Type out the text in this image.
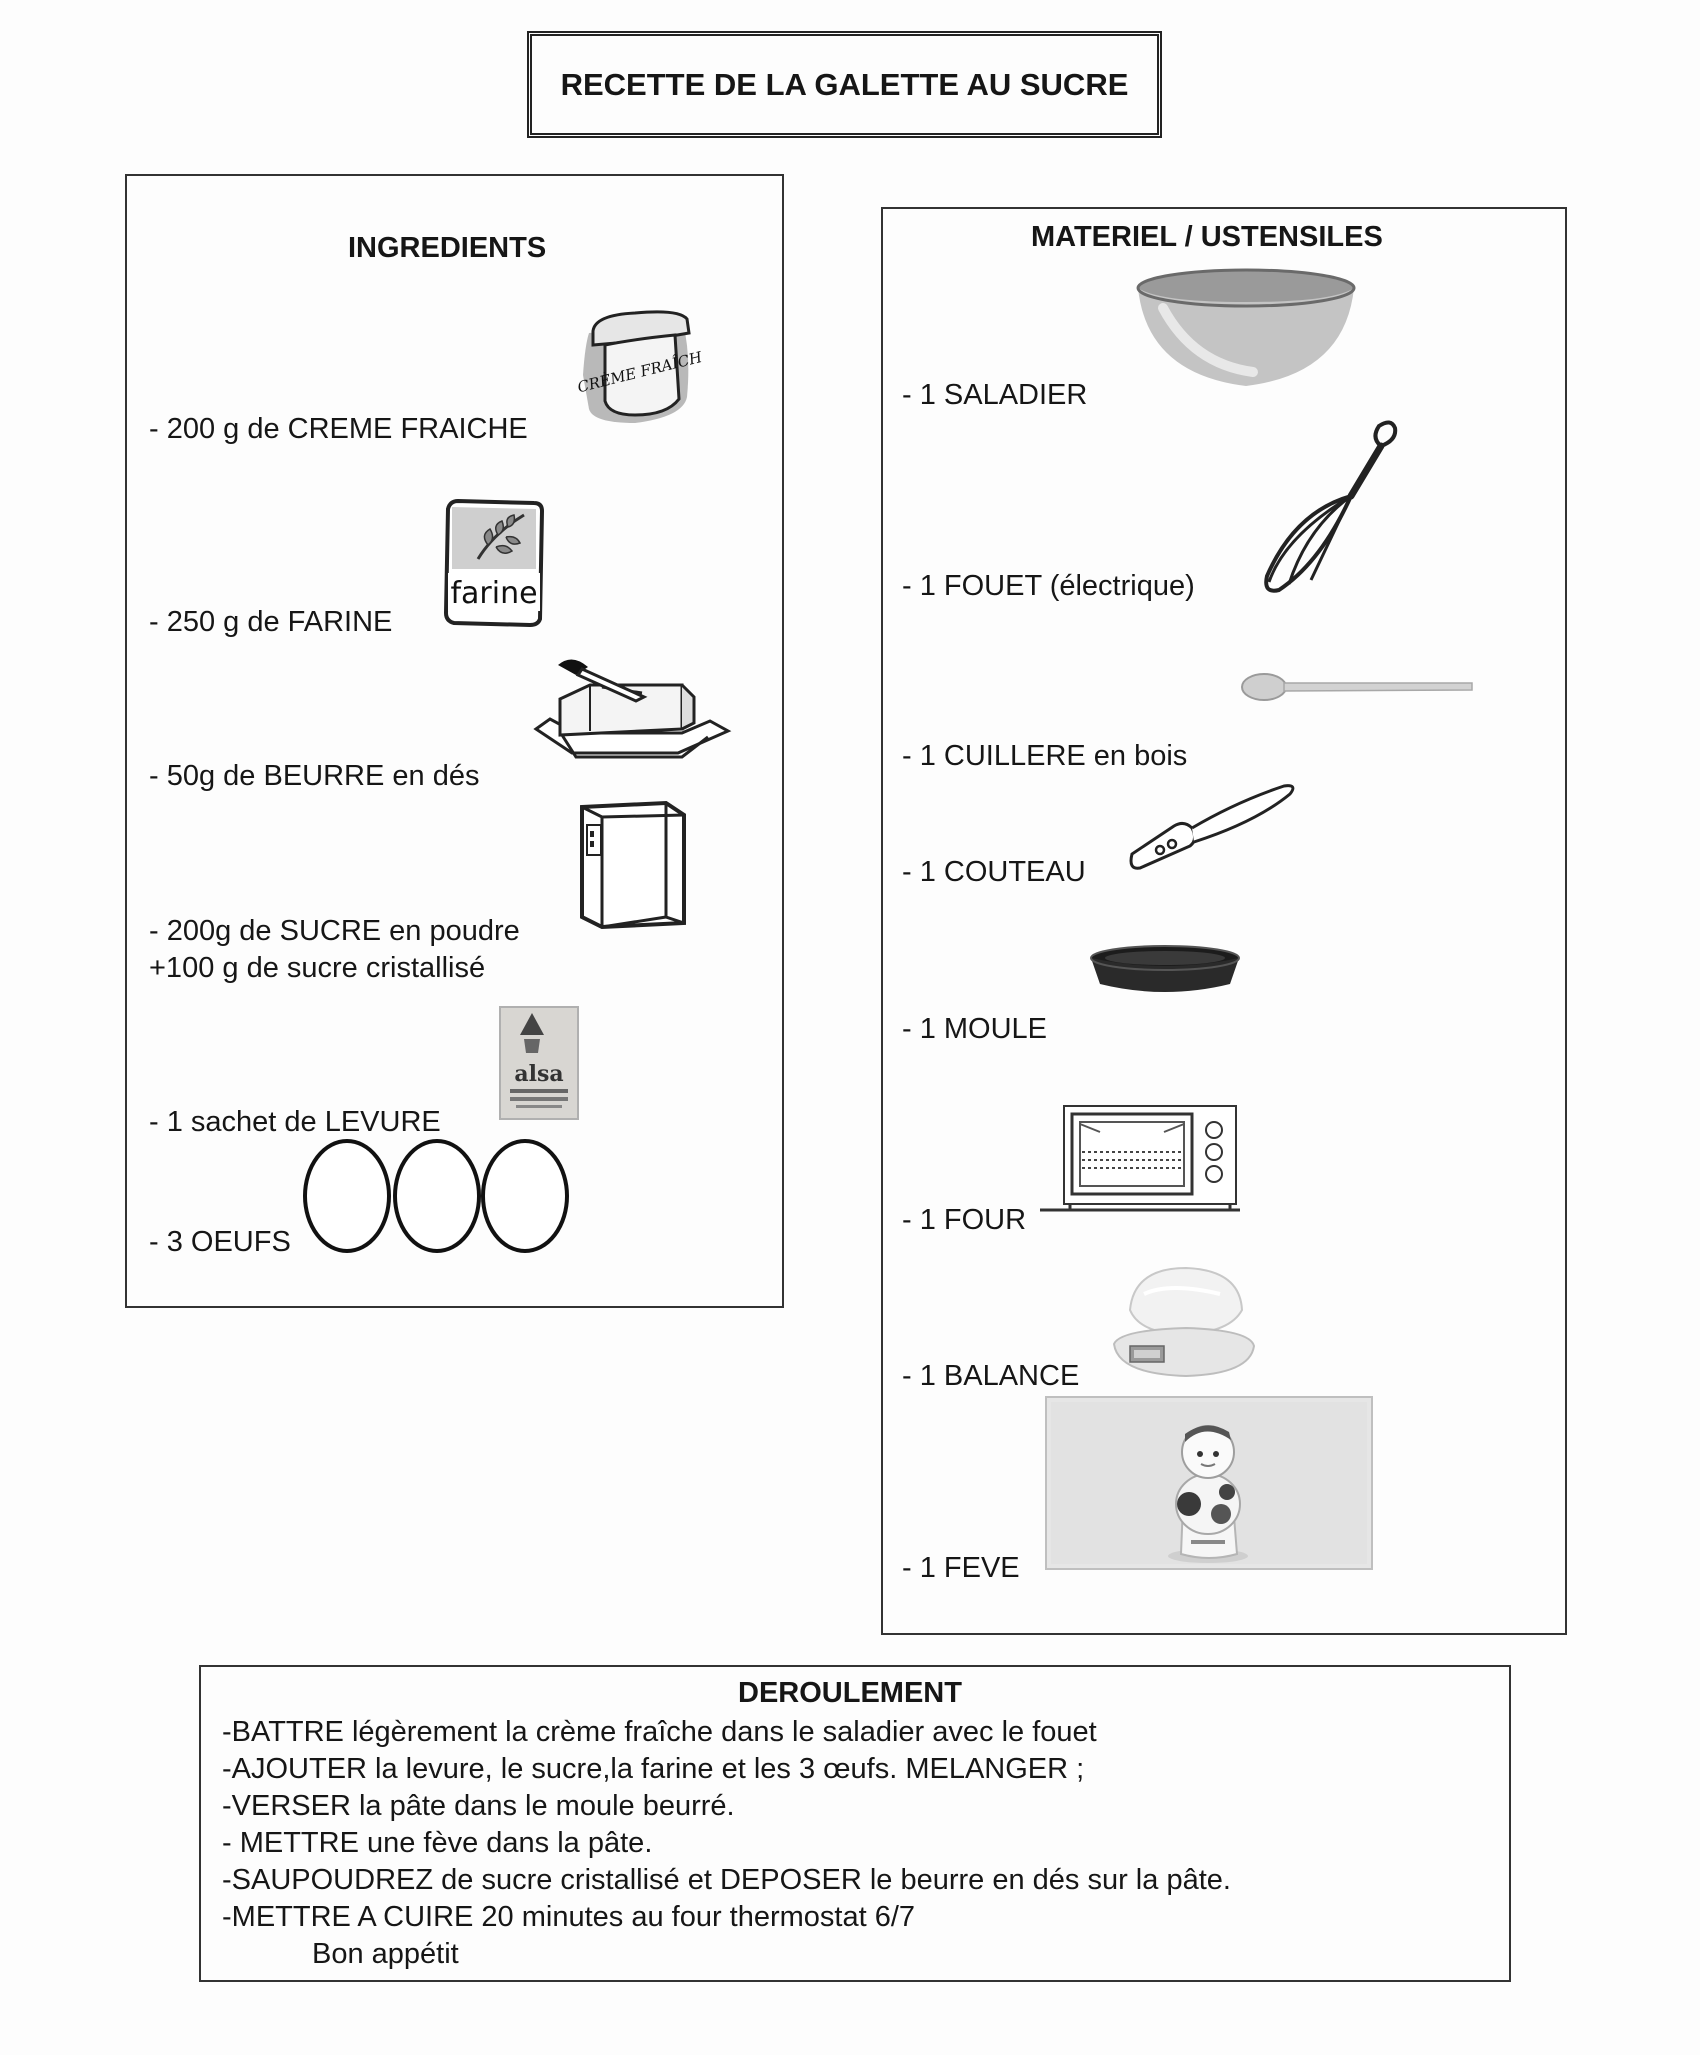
RECETTE DE LA GALETTE AU SUCRE
INGREDIENTS
- 200 g de CREME FRAICHE
- 250 g de FARINE
- 50g de BEURRE en dés
- 200g de SUCRE en poudre
+100 g de sucre cristallisé
- 1 sachet de LEVURE
- 3 OEUFS
CRÈME FRAÎCH
farine
alsa
MATERIEL / USTENSILES
- 1 SALADIER
- 1 FOUET (électrique)
- 1 CUILLERE en bois
- 1 COUTEAU
- 1 MOULE
- 1 FOUR
- 1 BALANCE
- 1 FEVE
DEROULEMENT
-BATTRE légèrement la crème fraîche dans le saladier avec le fouet
-AJOUTER la levure, le sucre,la farine et les 3 œufs. MELANGER ;
-VERSER la pâte dans le moule beurré.
- METTRE une fève dans la pâte.
-SAUPOUDREZ de sucre cristallisé et DEPOSER le beurre en dés sur la pâte.
-METTRE A CUIRE 20 minutes au four thermostat 6/7
Bon appétit
